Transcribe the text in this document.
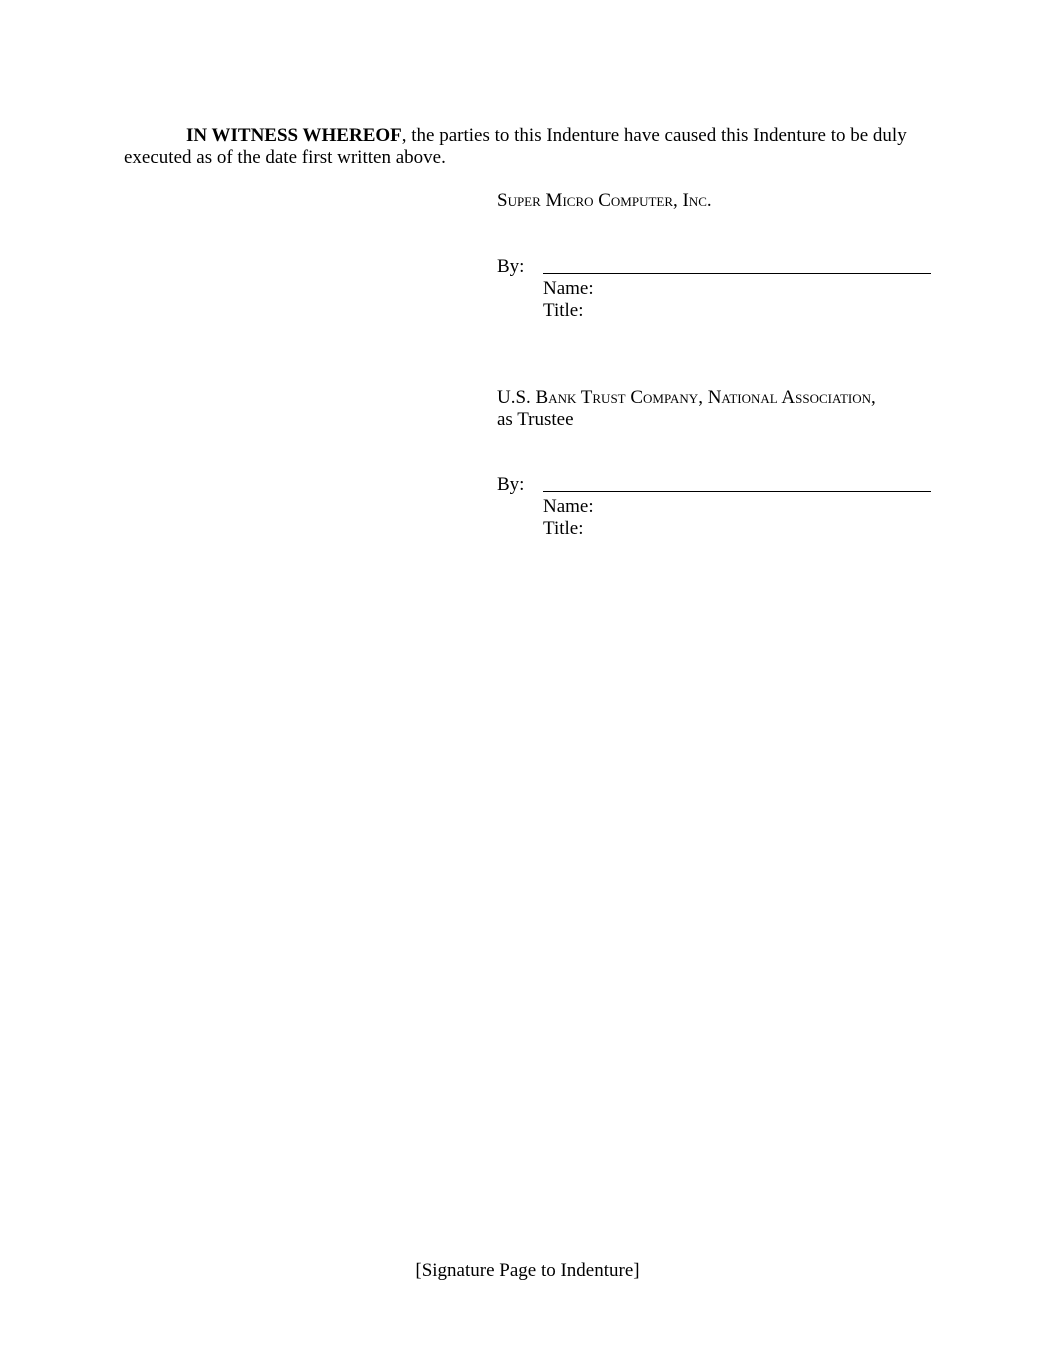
IN WITNESS WHEREOF, the parties to this Indenture have caused this Indenture to be duly
executed as of the date first written above.

Super Micro Computer, Inc.
By:
Name:
Title:
U.S. Bank Trust Company, National Association,
as Trustee
By:
Name:
Title:
[Signature Page to Indenture]
